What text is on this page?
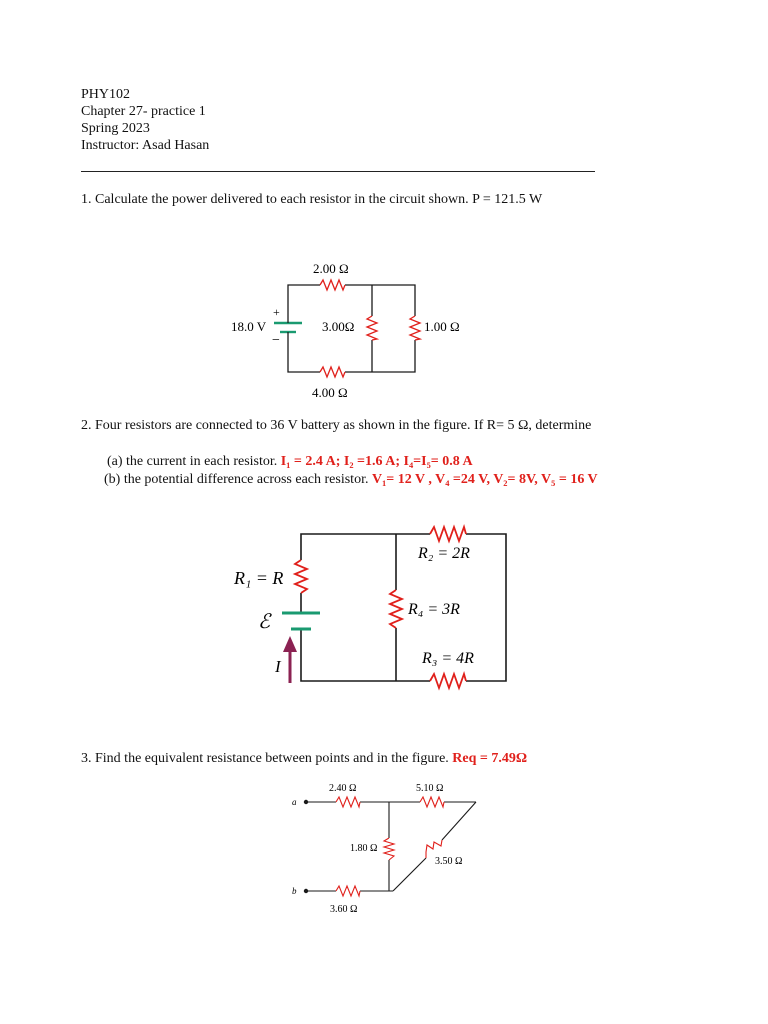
PHY102
Chapter 27- practice 1
Spring 2023
Instructor: Asad Hasan
1. Calculate the power delivered to each resistor in the circuit shown. P = 121.5 W
2.00 Ω
4.00 Ω
3.00Ω	1.00 Ω
18.0 V
+
−
2. Four resistors are connected to 36 V battery as shown in the figure. If R= 5 Ω, determine
(a) the current in each resistor. I₁ = 2.4 A; I₂ =1.6 A; I₄=I₅= 0.8 A
(b) the potential difference across each resistor. V₁= 12 V , V₄ =24 V, V₂= 8V, V₅ = 16 V
R₁ = R
R₂ = 2R
R₄ = 3R
R₃ = 4R
ℰ
I
3. Find the equivalent resistance between points and in the figure. Req = 7.49Ω
2.40 Ω	5.10 Ω
1.80 Ω
3.50 Ω
3.60 Ω
a
b
